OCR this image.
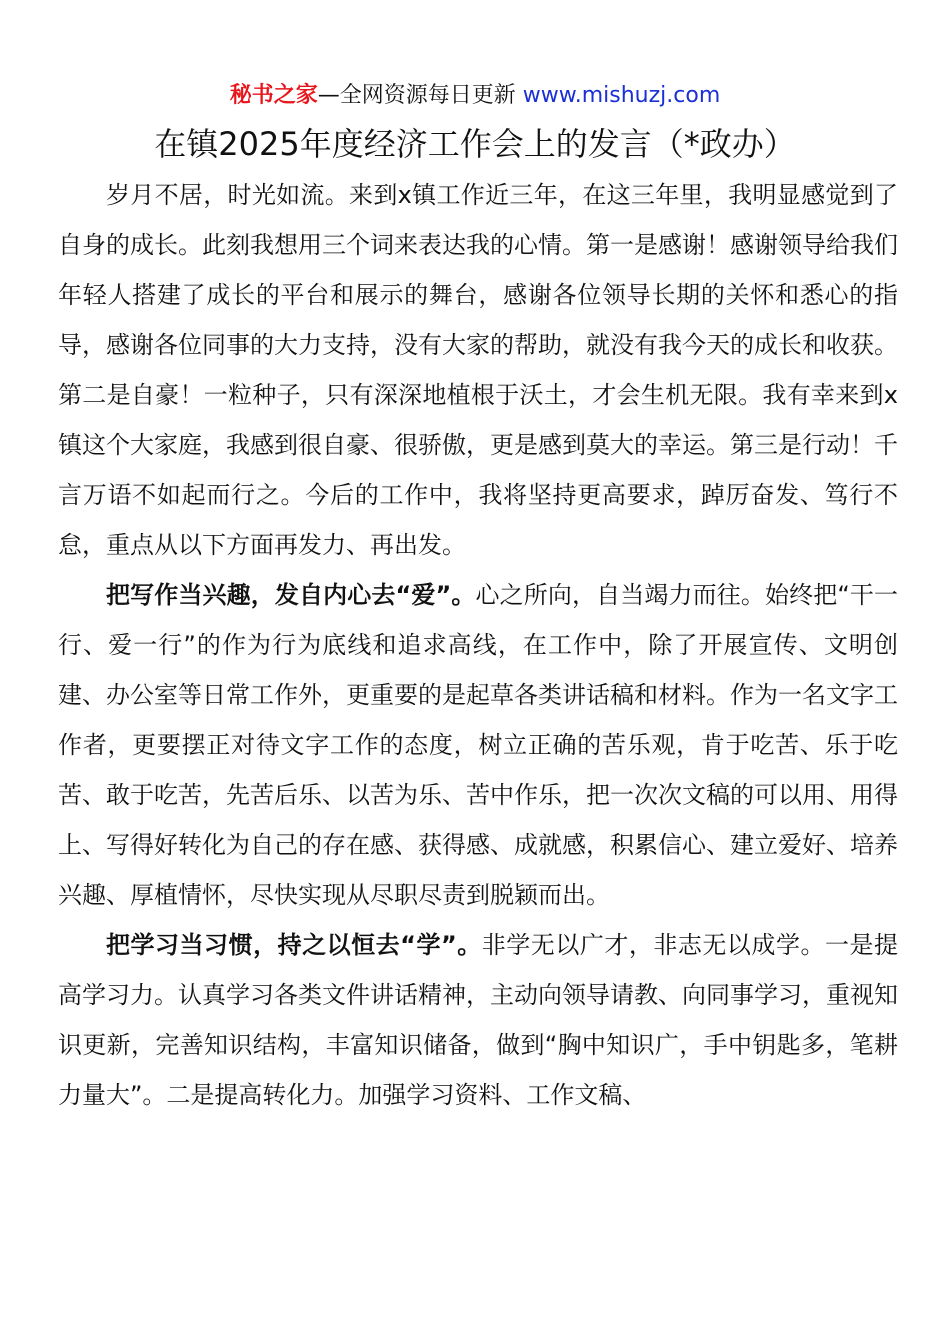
秘书之家—全网资源每日更新 www.mishuzj.com
在镇2025年度经济工作会上的发言（*政办）

岁月不居，时光如流。来到x镇工作近三年，在这三年里，我明显感觉到了自身的成长。此刻我想用三个词来表达我的心情。第一是感谢！感谢领导给我们年轻人搭建了成长的平台和展示的舞台，感谢各位领导长期的关怀和悉心的指导，感谢各位同事的大力支持，没有大家的帮助，就没有我今天的成长和收获。第二是自豪！一粒种子，只有深深地植根于沃土，才会生机无限。我有幸来到x镇这个大家庭，我感到很自豪、很骄傲，更是感到莫大的幸运。第三是行动！千言万语不如起而行之。今后的工作中，我将坚持更高要求，踔厉奋发、笃行不怠，重点从以下方面再发力、再出发。

把写作当兴趣，发自内心去“爱”。心之所向，自当竭力而往。始终把“干一行、爱一行”的作为行为底线和追求高线，在工作中，除了开展宣传、文明创建、办公室等日常工作外，更重要的是起草各类讲话稿和材料。作为一名文字工作者，更要摆正对待文字工作的态度，树立正确的苦乐观，肯于吃苦、乐于吃苦、敢于吃苦，先苦后乐、以苦为乐、苦中作乐，把一次次文稿的可以用、用得上、写得好转化为自己的存在感、获得感、成就感，积累信心、建立爱好、培养兴趣、厚植情怀，尽快实现从尽职尽责到脱颖而出。

把学习当习惯，持之以恒去“学”。非学无以广才，非志无以成学。一是提高学习力。认真学习各类文件讲话精神，主动向领导请教、向同事学习，重视知识更新，完善知识结构，丰富知识储备，做到“胸中知识广，手中钥匙多，笔耕力量大”。二是提高转化力。加强学习资料、工作文稿、
